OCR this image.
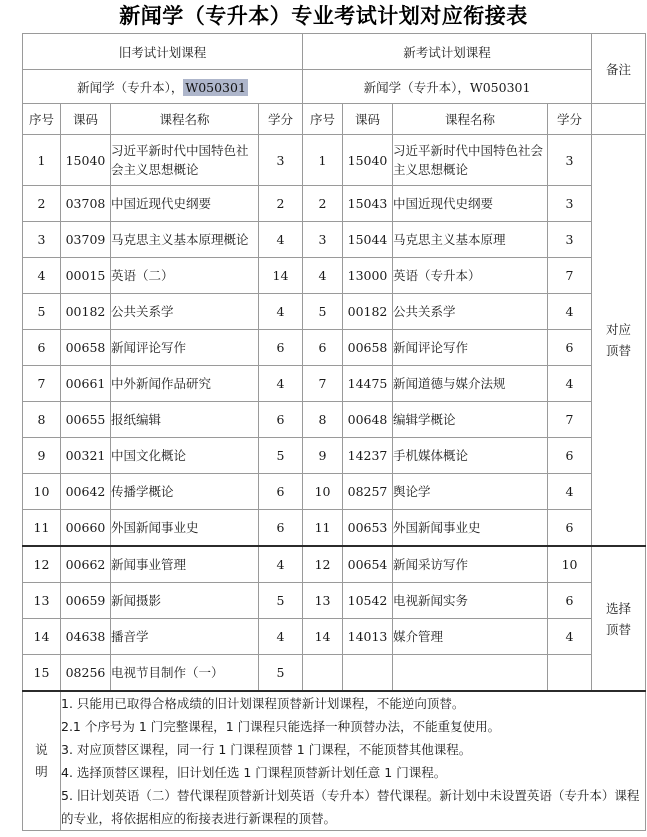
新闻学（专升本）专业考试计划对应衔接表
旧考试计划课程				新考试计划课程				备注
新闻学（专升本）， W050301				新闻学（专升本），W050301				
序号	课码	课程名称	学分	序号	课码	课程名称	学分	
1	15040	习近平新时代中国特色社会主义思想概论	3	1	15040	习近平新时代中国特色社会主义思想概论	3	对应
顶替

2	03708	中国近现代史纲要	2	2	15043	中国近现代史纲要	3	
3	03709	马克思主义基本原理概论	4	3	15044	马克思主义基本原理	3	
4	00015	英语（二）	14	4	13000	英语（专升本）	7	
5	00182	公共关系学	4	5	00182	公共关系学	4	
6	00658	新闻评论写作	6	6	00658	新闻评论写作	6	
7	00661	中外新闻作品研究	4	7	14475	新闻道德与媒介法规	4	
8	00655	报纸编辑	6	8	00648	编辑学概论	7	
9	00321	中国文化概论	5	9	14237	手机媒体概论	6	
10	00642	传播学概论	6	10	08257	舆论学	4	
11	00660	外国新闻事业史	6	11	00653	外国新闻事业史	6	
12	00662	新闻事业管理	4	12	00654	新闻采访写作	10	选择
顶替

13	00659	新闻摄影	5	13	10542	电视新闻实务	6	
14	04638	播音学	4	14	14013	媒介管理	4	
15	08256	电视节目制作（一）	5					

说
明

1. 只能用已取得合格成绩的旧计划课程顶替新计划课程，不能逆向顶替。

2.1 个序号为 1 门完整课程，1 门课程只能选择一种顶替办法，不能重复使用。

3. 对应顶替区课程，同一行 1 门课程顶替 1 门课程，不能顶替其他课程。

4. 选择顶替区课程，旧计划任选 1 门课程顶替新计划任意 1 门课程。

5. 旧计划英语（二）替代课程顶替新计划英语（专升本）替代课程。新计划中未设置英语（专升本）课程的专业，将依据相应的衔接表进行新课程的顶替。
